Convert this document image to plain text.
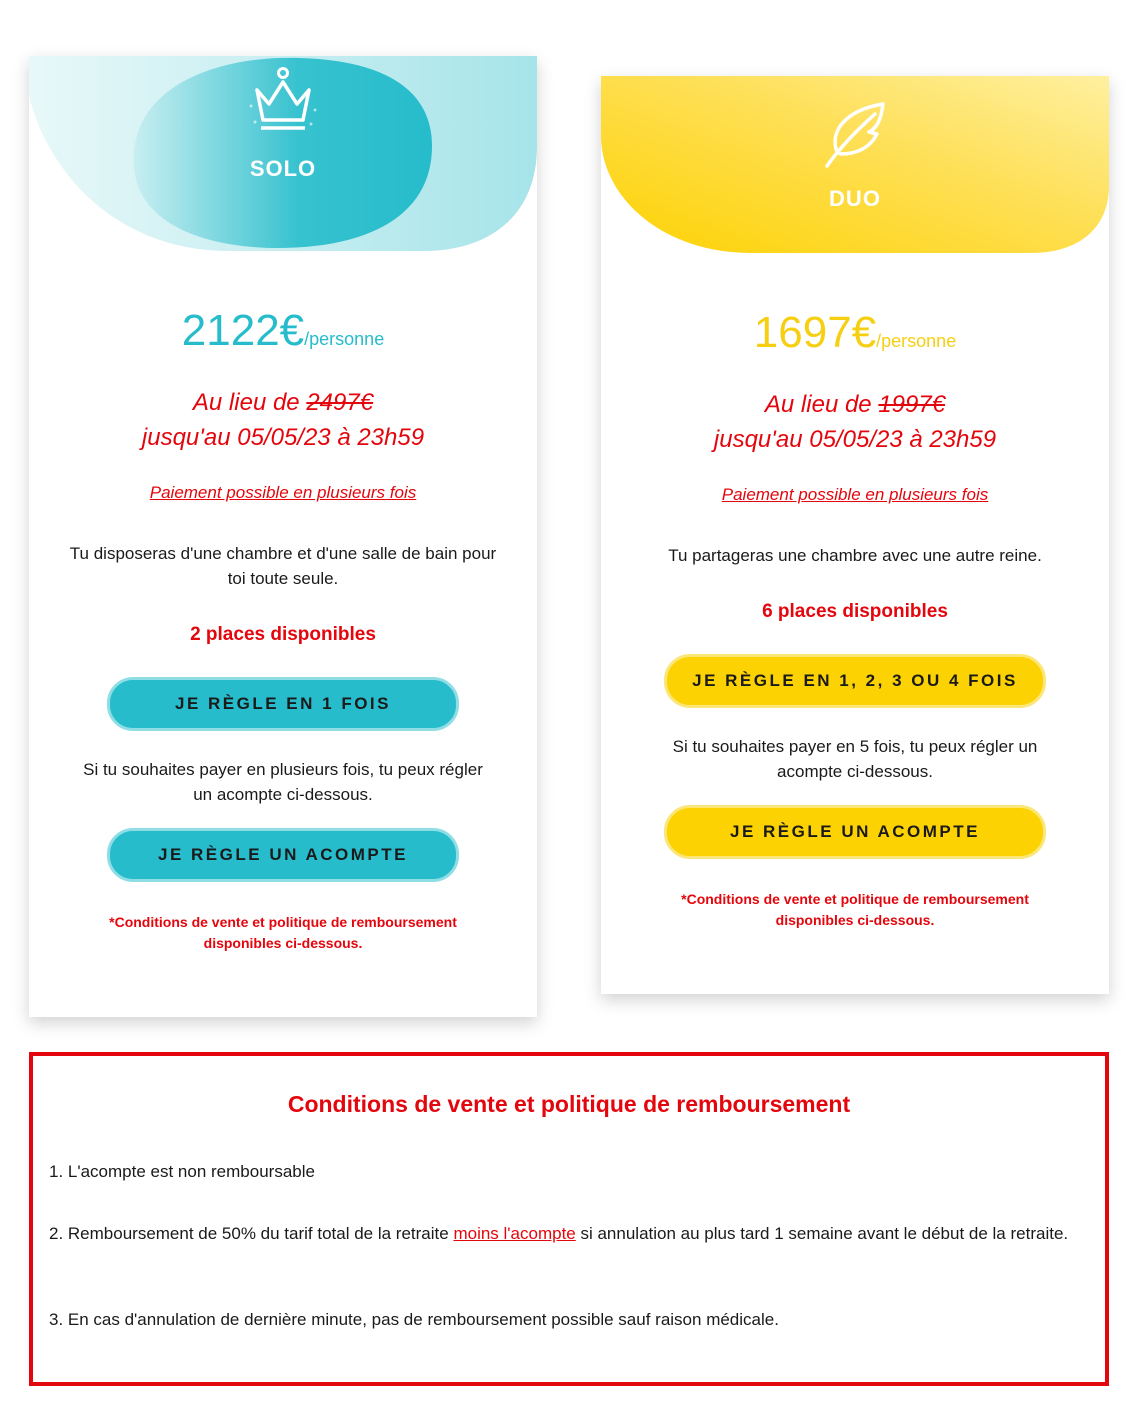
SOLO
2122€/personne
Au lieu de 2497€
jusqu'au 05/05/23 à 23h59
Paiement possible en plusieurs fois
Tu disposeras d'une chambre et d'une salle de bain pour toi toute seule.
2 places disponibles
JE RÈGLE EN 1 FOIS
Si tu souhaites payer en plusieurs fois, tu peux régler un acompte ci-dessous.
JE RÈGLE UN ACOMPTE
*Conditions de vente et politique de remboursement disponibles ci-dessous.
DUO
1697€/personne
Au lieu de 1997€
jusqu'au 05/05/23 à 23h59
Paiement possible en plusieurs fois
Tu partageras une chambre avec une autre reine.
6 places disponibles
JE RÈGLE EN 1, 2, 3 OU 4 FOIS
Si tu souhaites payer en 5 fois, tu peux régler un acompte ci-dessous.
JE RÈGLE UN ACOMPTE
*Conditions de vente et politique de remboursement disponibles ci-dessous.
Conditions de vente et politique de remboursement
1. L'acompte est non remboursable
2. Remboursement de 50% du tarif total de la retraite moins l'acompte si annulation au plus tard 1 semaine avant le début de la retraite.
3. En cas d'annulation de dernière minute, pas de remboursement possible sauf raison médicale.
